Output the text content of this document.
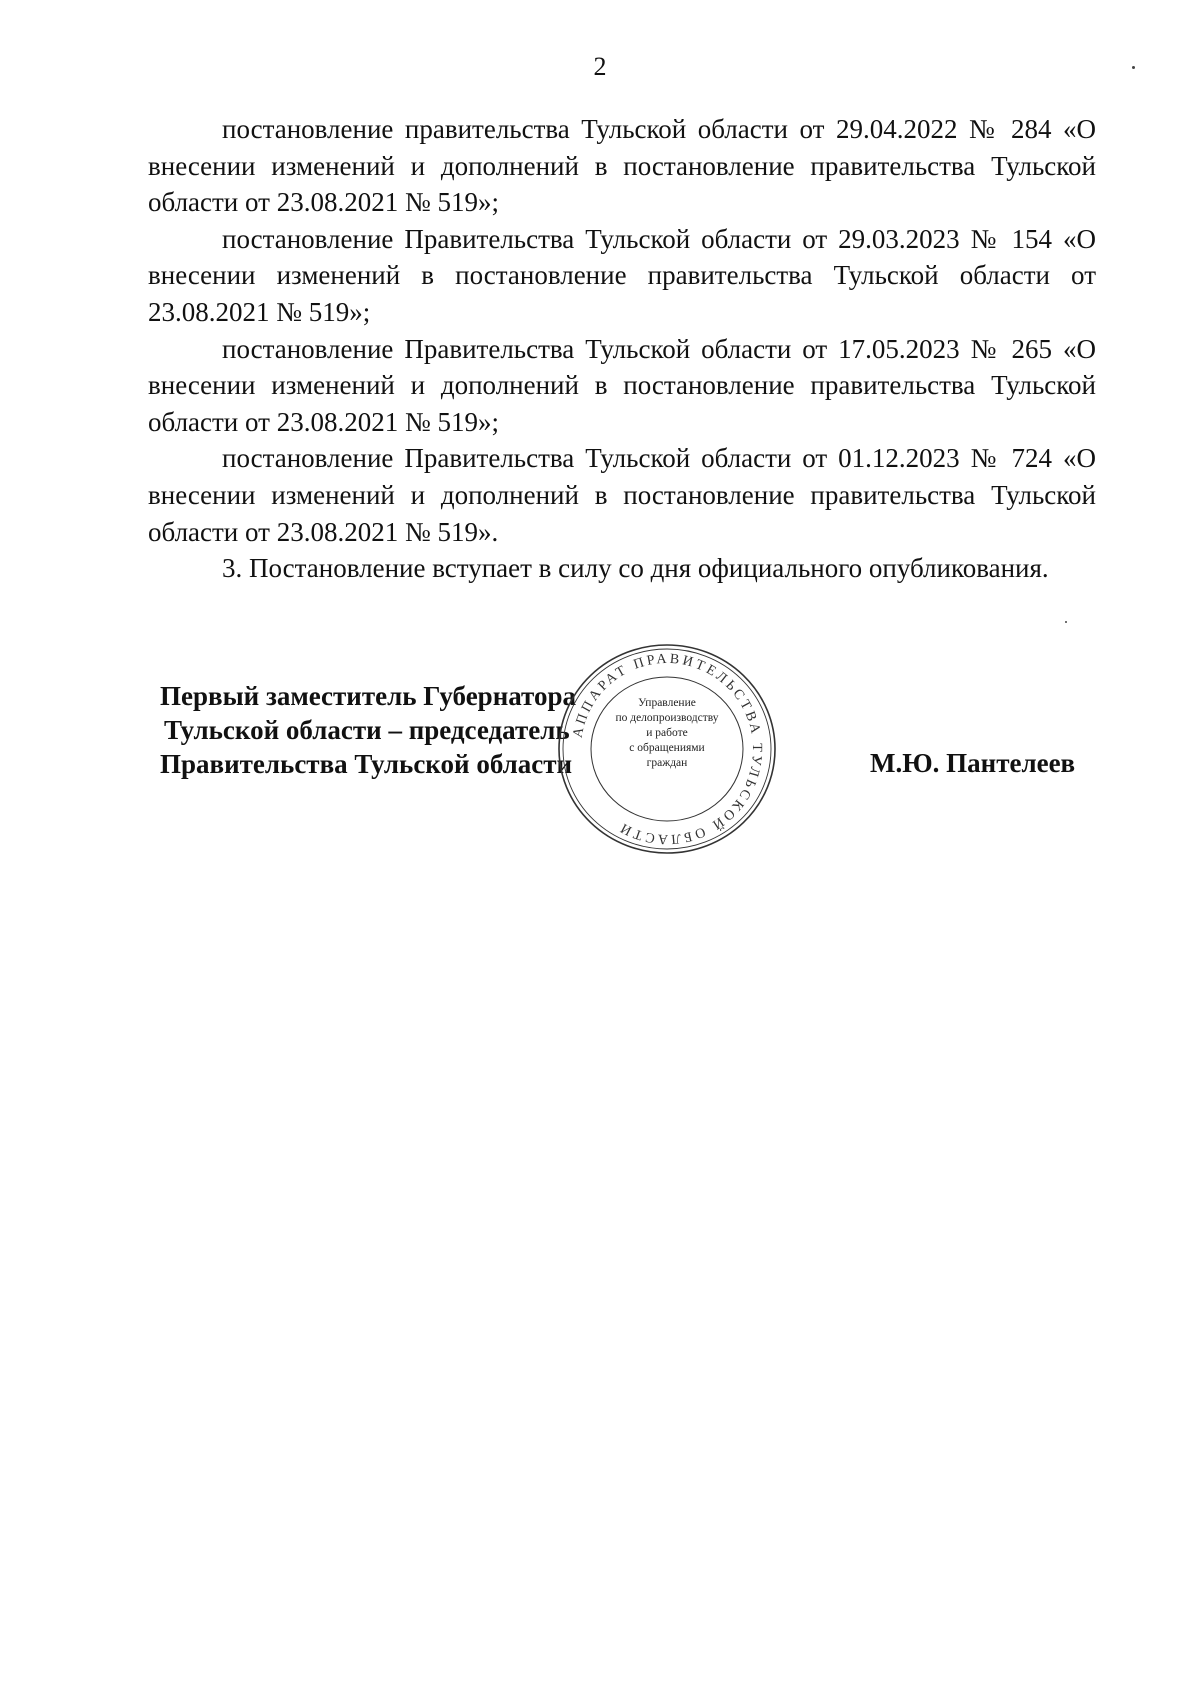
2

постановление правительства Тульской области от 29.04.2022 № 284 «О внесении изменений и дополнений в постановление правительства Тульской области от 23.08.2021 № 519»;

постановление Правительства Тульской области от 29.03.2023 № 154 «О внесении изменений в постановление правительства Тульской области от 23.08.2021 № 519»;

постановление Правительства Тульской области от 17.05.2023 № 265 «О внесении изменений и дополнений в постановление правительства Тульской области от 23.08.2021 № 519»;

постановление Правительства Тульской области от 01.12.2023 № 724 «О внесении изменений и дополнений в постановление правительства Тульской области от 23.08.2021 № 519».

3. Постановление вступает в силу со дня официального опубликования.

Первый заместитель Губернатора
Тульской области – председатель
Правительства Тульской области	М.Ю. Пантелеев
АППАРАТ ПРАВИТЕЛЬСТВА ТУЛЬСКОЙ ОБЛАСТИ
Управление
по делопроизводству
и работе
с обращениями
граждан
